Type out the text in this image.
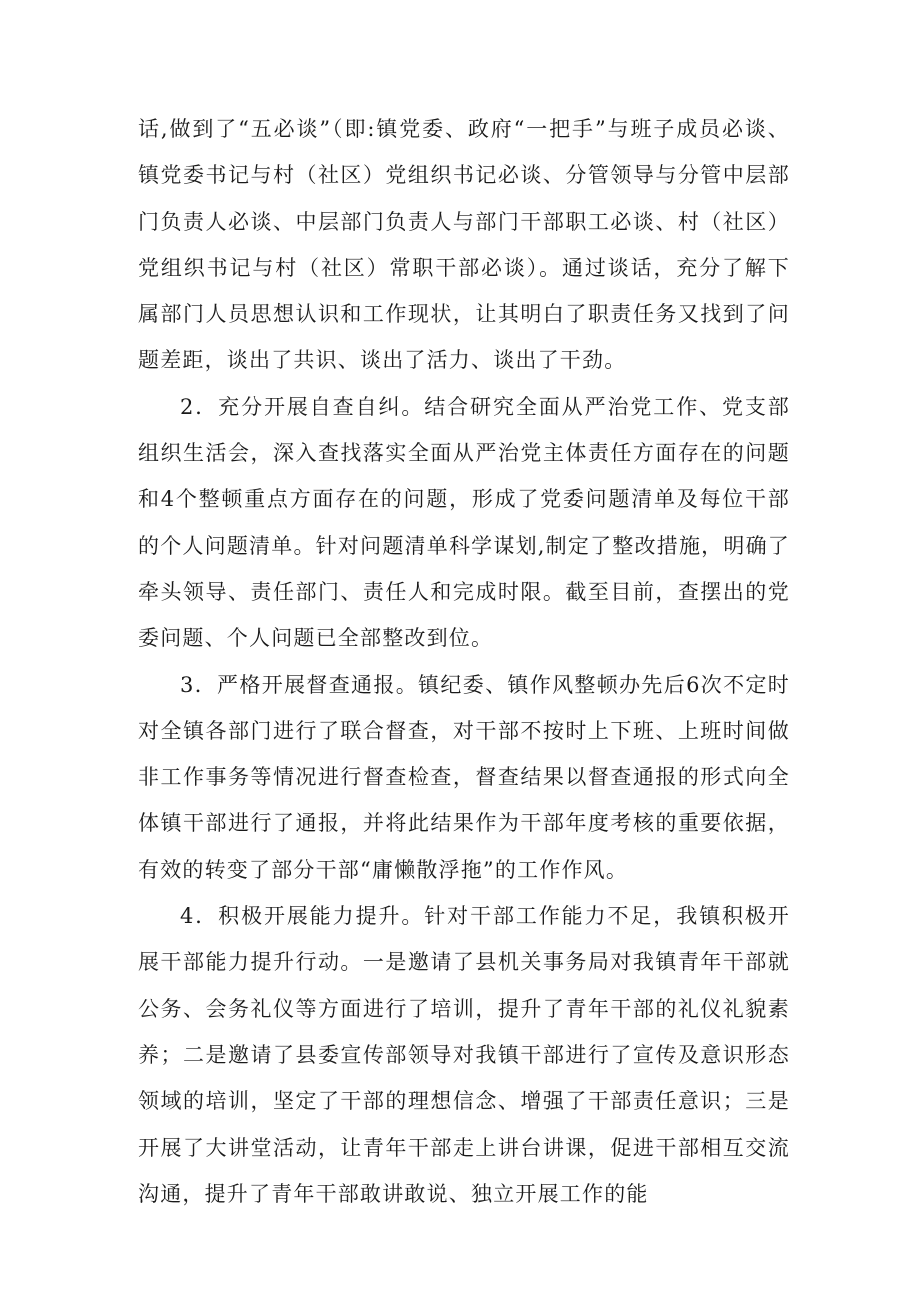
话,做到了“五必谈”（即:镇党委、政府“一把手”与班子成员必谈、镇党委书记与村（社区）党组织书记必谈、分管领导与分管中层部门负责人必谈、中层部门负责人与部门干部职工必谈、村（社区）党组织书记与村（社区）常职干部必谈）。通过谈话，充分了解下属部门人员思想认识和工作现状，让其明白了职责任务又找到了问题差距，谈出了共识、谈出了活力、谈出了干劲。

2．充分开展自查自纠。结合研究全面从严治党工作、党支部组织生活会，深入查找落实全面从严治党主体责任方面存在的问题和4个整顿重点方面存在的问题，形成了党委问题清单及每位干部的个人问题清单。针对问题清单科学谋划,制定了整改措施，明确了牵头领导、责任部门、责任人和完成时限。截至目前，查摆出的党委问题、个人问题已全部整改到位。

3．严格开展督查通报。镇纪委、镇作风整顿办先后6次不定时对全镇各部门进行了联合督查，对干部不按时上下班、上班时间做非工作事务等情况进行督查检查，督查结果以督查通报的形式向全体镇干部进行了通报，并将此结果作为干部年度考核的重要依据，有效的转变了部分干部“庸懒散浮拖”的工作作风。

4．积极开展能力提升。针对干部工作能力不足，我镇积极开展干部能力提升行动。一是邀请了县机关事务局对我镇青年干部就公务、会务礼仪等方面进行了培训，提升了青年干部的礼仪礼貌素养；二是邀请了县委宣传部领导对我镇干部进行了宣传及意识形态领域的培训，坚定了干部的理想信念、增强了干部责任意识；三是开展了大讲堂活动，让青年干部走上讲台讲课，促进干部相互交流沟通，提升了青年干部敢讲敢说、独立开展工作的能
